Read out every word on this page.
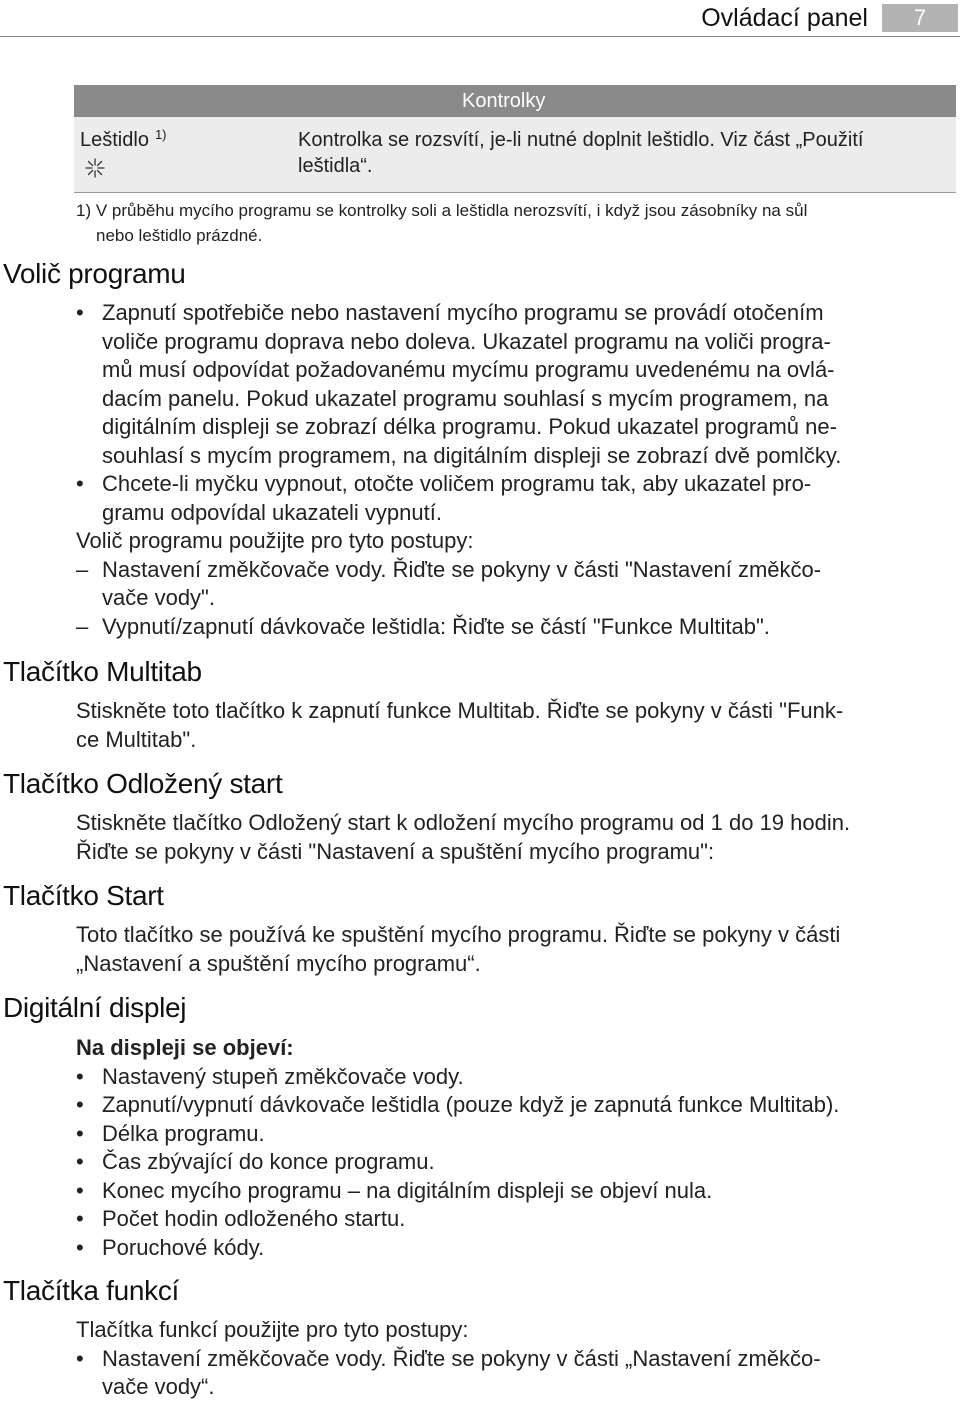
Ovládací panel	7
Kontrolky
Leštidlo $^{1)}$	Kontrolka se rozsvítí, je-li nutné doplnit leštidlo. Viz část „Použití
leštidla“.
1) V průběhu mycího programu se kontrolky soli a leštidla nerozsvítí, i když jsou zásobníky na sůl
nebo leštidlo prázdné.
Volič programu
• Zapnutí spotřebiče nebo nastavení mycího programu se provádí otočením
voliče programu doprava nebo doleva. Ukazatel programu na voliči progra-
mů musí odpovídat požadovanému mycímu programu uvedenému na ovlá-
dacím panelu. Pokud ukazatel programu souhlasí s mycím programem, na
digitálním displeji se zobrazí délka programu. Pokud ukazatel programů ne-
souhlasí s mycím programem, na digitálním displeji se zobrazí dvě pomlčky.
• Chcete-li myčku vypnout, otočte voličem programu tak, aby ukazatel pro-
gramu odpovídal ukazateli vypnutí.
Volič programu použijte pro tyto postupy:
– Nastavení změkčovače vody. Řiďte se pokyny v části "Nastavení změkčo-
vače vody".
– Vypnutí/zapnutí dávkovače leštidla: Řiďte se částí "Funkce Multitab".
Tlačítko Multitab
Stiskněte toto tlačítko k zapnutí funkce Multitab. Řiďte se pokyny v části "Funk-
ce Multitab".
Tlačítko Odložený start
Stiskněte tlačítko Odložený start k odložení mycího programu od 1 do 19 hodin.
Řiďte se pokyny v části "Nastavení a spuštění mycího programu":
Tlačítko Start
Toto tlačítko se používá ke spuštění mycího programu. Řiďte se pokyny v části
„Nastavení a spuštění mycího programu“.
Digitální displej
Na displeji se objeví:
• Nastavený stupeň změkčovače vody.
• Zapnutí/vypnutí dávkovače leštidla (pouze když je zapnutá funkce Multitab).
• Délka programu.
• Čas zbývající do konce programu.
• Konec mycího programu – na digitálním displeji se objeví nula.
• Počet hodin odloženého startu.
• Poruchové kódy.
Tlačítka funkcí
Tlačítka funkcí použijte pro tyto postupy:
• Nastavení změkčovače vody. Řiďte se pokyny v části „Nastavení změkčo-
vače vody“.
